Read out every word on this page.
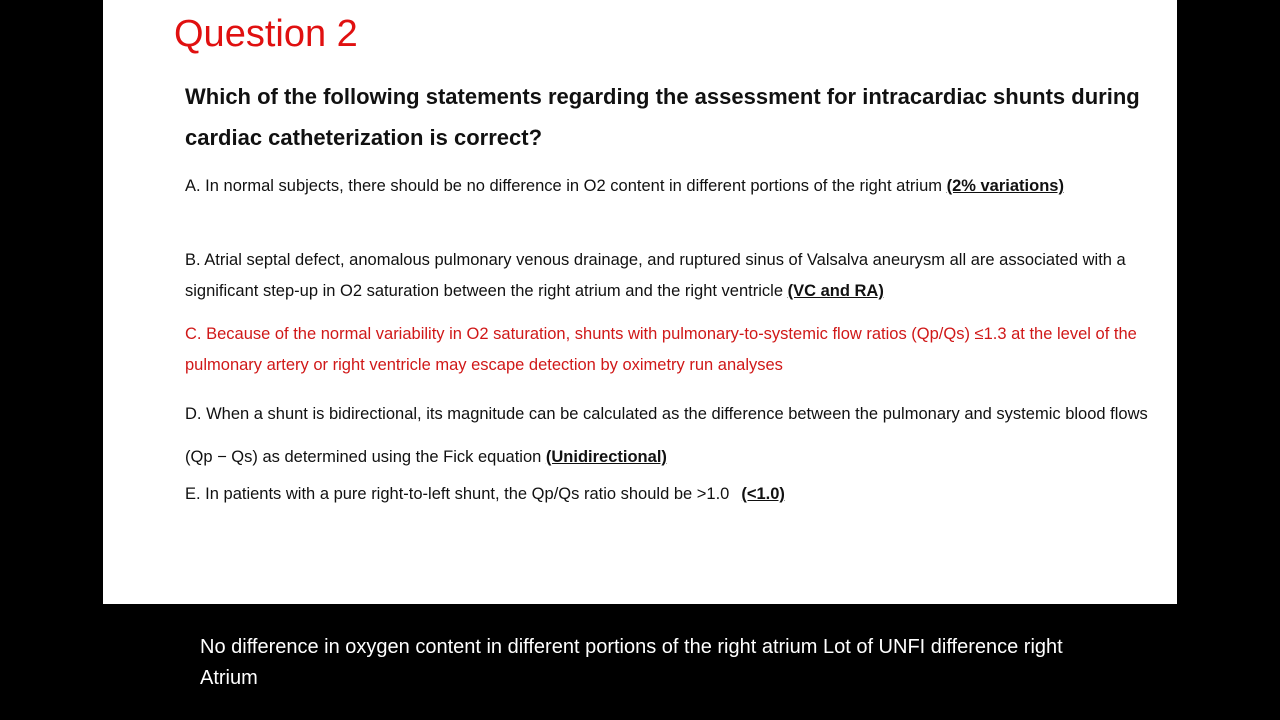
Question 2

Which of the following statements regarding the assessment for intracardiac shunts during cardiac catheterization is correct?

A. In normal subjects, there should be no difference in O2 content in different portions of the right atrium (2% variations)

B. Atrial septal defect, anomalous pulmonary venous drainage, and ruptured sinus of Valsalva aneurysm all are associated with a significant step-up in O2 saturation between the right atrium and the right ventricle (VC and RA)

C. Because of the normal variability in O2 saturation, shunts with pulmonary-to-systemic flow ratios (Qp/Qs) ≤1.3 at the level of the pulmonary artery or right ventricle may escape detection by oximetry run analyses

D. When a shunt is bidirectional, its magnitude can be calculated as the difference between the pulmonary and systemic blood flows (Qp − Qs) as determined using the Fick equation (Unidirectional)

E. In patients with a pure right-to-left shunt, the Qp/Qs ratio should be >1.0 (<1.0)

No difference in oxygen content in different portions of the right atrium Lot of UNFI difference right Atrium
